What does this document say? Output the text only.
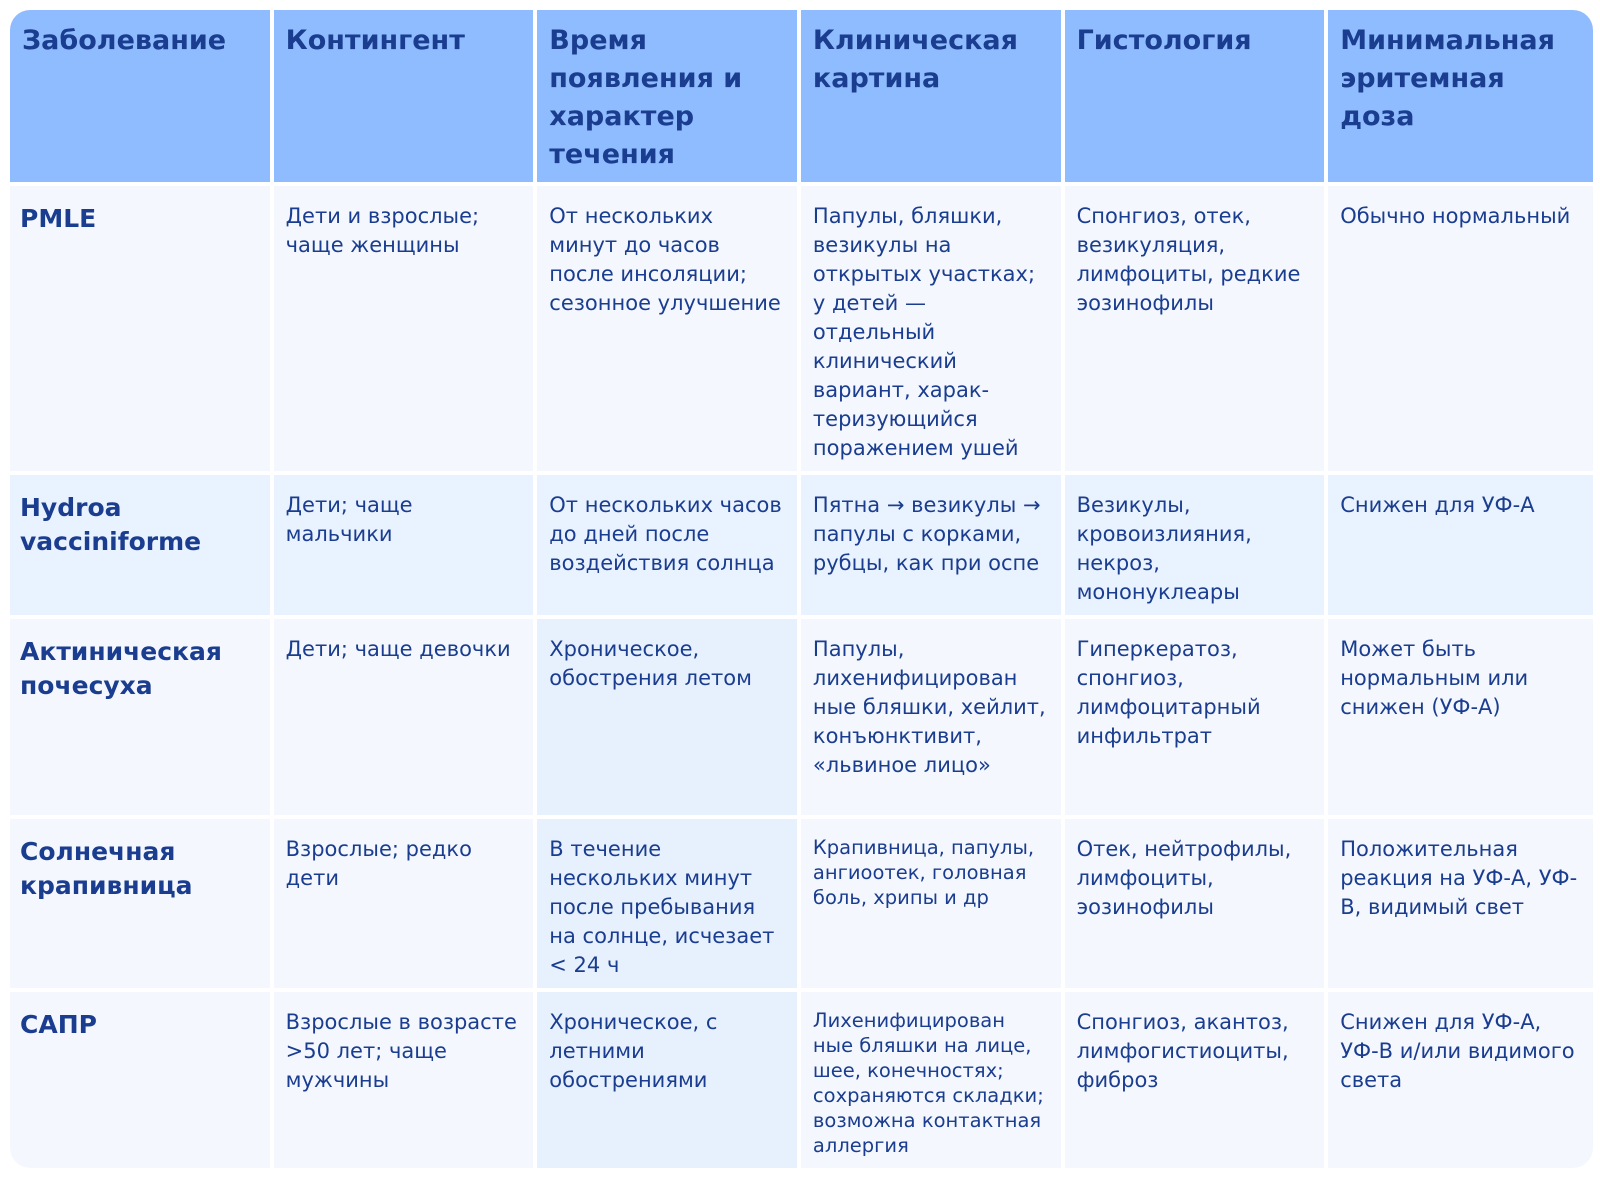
Заболевание	Контингент	Время появления и характер течения	Клиническая картина	Гистология	Минимальная эритемная доза
PMLE	Дети и взрослые; чаще женщины	От нескольких минут до часов после инсоляции; сезонное улучшение	Папулы, бляшки, везикулы на открытых участках; у детей — отдельный клинический вариант, харак-теризующийся поражением ушей	Спонгиоз, отек, везикуляция, лимфоциты, редкие эозинофилы	Обычно нормальный
Hydroa vacciniforme	Дети; чаще мальчики	От нескольких часов до дней после воздействия солнца	Пятна → везикулы → папулы с корками, рубцы, как при оспе	Везикулы, кровоизлияния, некроз, мононуклеары	Снижен для УФ-А
Актиническая почесуха	Дети; чаще девочки	Хроническое, обострения летом	Папулы, лихенифицирован ные бляшки, хейлит, конъюнктивит, «львиное лицо»	Гиперкератоз, спонгиоз, лимфоцитарный инфильтрат	Может быть нормальным или снижен (УФ-А)
Солнечная крапивница	Взрослые; редко дети	В течение нескольких минут после пребывания на солнце, исчезает < 24 ч	Крапивница, папулы, ангиоотек, головная боль, хрипы и др	Отек, нейтрофилы, лимфоциты, эозинофилы	Положительная реакция на УФ-А, УФ-В, видимый свет
САПР	Взрослые в возрасте >50 лет; чаще мужчины	Хроническое, с летними обострениями	Лихенифицирован ные бляшки на лице, шее, конечностях; сохраняются складки; возможна контактная аллергия	Спонгиоз, акантоз, лимфогистиоциты, фиброз	Снижен для УФ-А, УФ-В и/или видимого света
